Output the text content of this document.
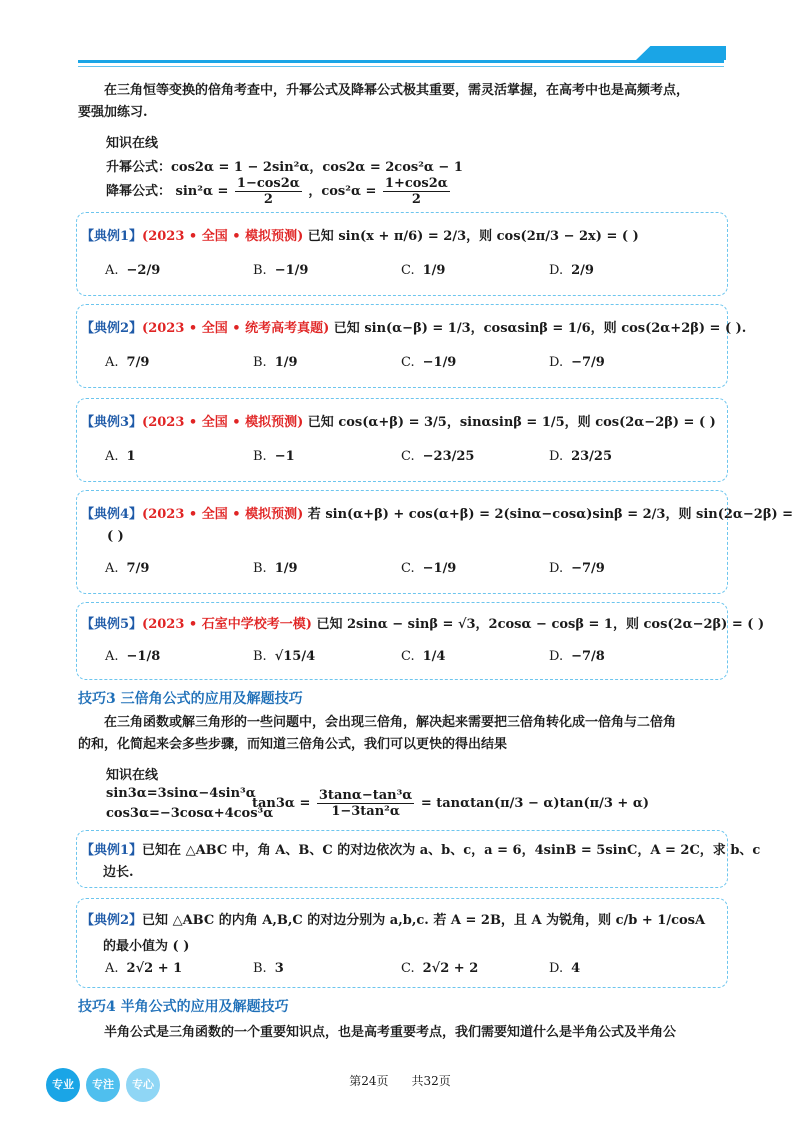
在三角恒等变换的倍角考查中，升幂公式及降幂公式极其重要，需灵活掌握，在高考中也是高频考点，
要强加练习.
知识在线
升幂公式：cos2α = 1 − 2sin²α，cos2α = 2cos²α − 1
降幂公式： $\sin^2\alpha = \frac{1-\cos 2\alpha}{2}$ ，$\cos^2\alpha = \frac{1+\cos 2\alpha}{2}$
【典例1】(2023 • 全国 • 模拟预测) 已知 sin(x + π/6) = 2/3，则 cos(2π/3 − 2x) = ( )
A. −2/9	B. −1/9	C. 1/9	D. 2/9
【典例2】(2023 • 全国 • 统考高考真题) 已知 sin(α−β) = 1/3，cosαsinβ = 1/6，则 cos(2α+2β) = ( ).
A. 7/9	B. 1/9	C. −1/9	D. −7/9
【典例3】(2023 • 全国 • 模拟预测) 已知 cos(α+β) = 3/5，sinαsinβ = 1/5，则 cos(2α−2β) = ( )
A. 1	B. −1	C. −23/25	D. 23/25
【典例4】(2023 • 全国 • 模拟预测) 若 sin(α+β) + cos(α+β) = 2(sinα−cosα)sinβ = 2/3，则 sin(2α−2β) =
( )
A. 7/9	B. 1/9	C. −1/9	D. −7/9
【典例5】(2023 • 石室中学校考一模) 已知 2sinα − sinβ = √3，2cosα − cosβ = 1，则 cos(2α−2β) = ( )
A. −1/8	B. √15/4	C. 1/4	D. −7/8
技巧3 三倍角公式的应用及解题技巧
在三角函数或解三角形的一些问题中，会出现三倍角，解决起来需要把三倍角转化成一倍角与二倍角
的和，化简起来会多些步骤，而知道三倍角公式，我们可以更快的得出结果
知识在线
sin3α=3sinα−4sin³α
cos3α=−3cosα+4cos³α
$\tan 3\alpha = \frac{\text{3tanα−tan³α}}{\text{1−3tan²α}} = \tan\alpha\tan(\pi/3 - \alpha)\tan(\pi/3 + \alpha)$
【典例1】已知在 △ABC 中，角 A、B、C 的对边依次为 a、b、c，a = 6，4sinB = 5sinC，A = 2C，求 b、c
边长.
【典例2】已知 △ABC 的内角 A,B,C 的对边分别为 a,b,c. 若 A = 2B，且 A 为锐角，则 c/b + 1/cosA
的最小值为 ( )
A. 2√2 + 1	B. 3	C. 2√2 + 2	D. 4
技巧4 半角公式的应用及解题技巧
半角公式是三角函数的一个重要知识点，也是高考重要考点，我们需要知道什么是半角公式及半角公
专业	专注	专心	第24页 共32页
